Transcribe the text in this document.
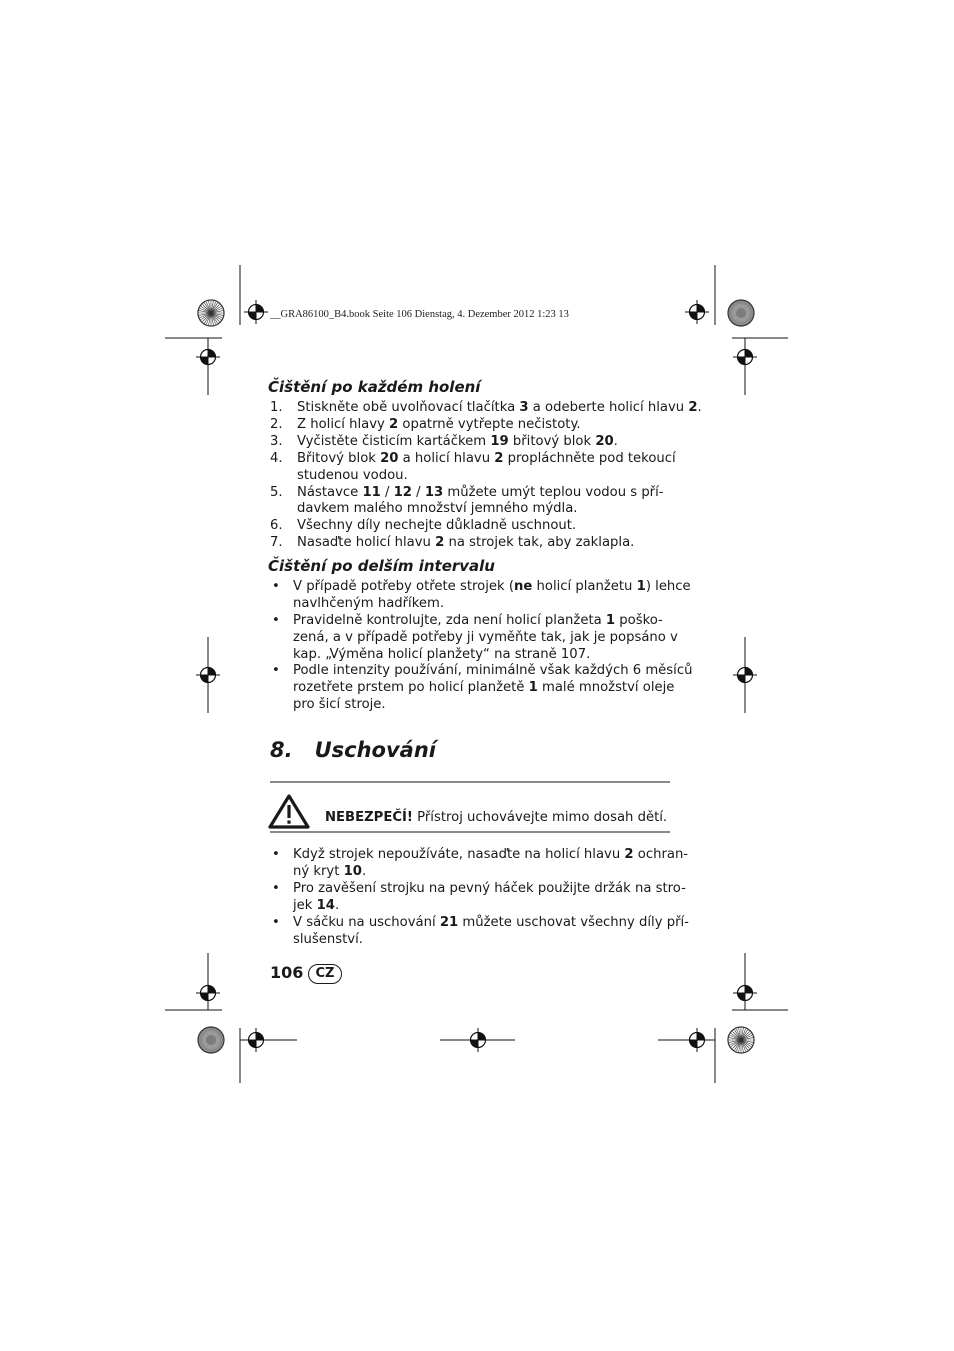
__GRA86100_B4.book Seite 106 Dienstag, 4. Dezember 2012 1:23 13
Čištění po každém holení
1. Stiskněte obě uvolňovací tlačítka 3 a odeberte holicí hlavu 2.
2. Z holicí hlavy 2 opatrně vytřepte nečistoty.
3. Vyčistěte čisticím kartáčkem 19 břitový blok 20.
4. Břitový blok 20 a holicí hlavu 2 propláchněte pod tekoucí
studenou vodou.
5. Nástavce 11 / 12 / 13 můžete umýt teplou vodou s pří-
davkem malého množství jemného mýdla.
6. Všechny díly nechejte důkladně uschnout.
7. Nasaďte holicí hlavu 2 na strojek tak, aby zaklapla.
Čištění po delším intervalu
• V případě potřeby otřete strojek (ne holicí planžetu 1) lehce
navlhčeným hadříkem.
• Pravidelně kontrolujte, zda není holicí planžeta 1 poško-
zená, a v případě potřeby ji vyměňte tak, jak je popsáno v
kap. „Výměna holicí planžety“ na straně 107.
• Podle intenzity používání, minimálně však každých 6 měsíců
rozetřete prstem po holicí planžetě 1 malé množství oleje
pro šicí stroje.
8. Uschování
NEBEZPEČÍ! Přístroj uchovávejte mimo dosah dětí.
• Když strojek nepoužíváte, nasaďte na holicí hlavu 2 ochran-
ný kryt 10.
• Pro zavěšení strojku na pevný háček použijte držák na stro-
jek 14.
• V sáčku na uschování 21 můžete uschovat všechny díly pří-
slušenství.
106 CZ
